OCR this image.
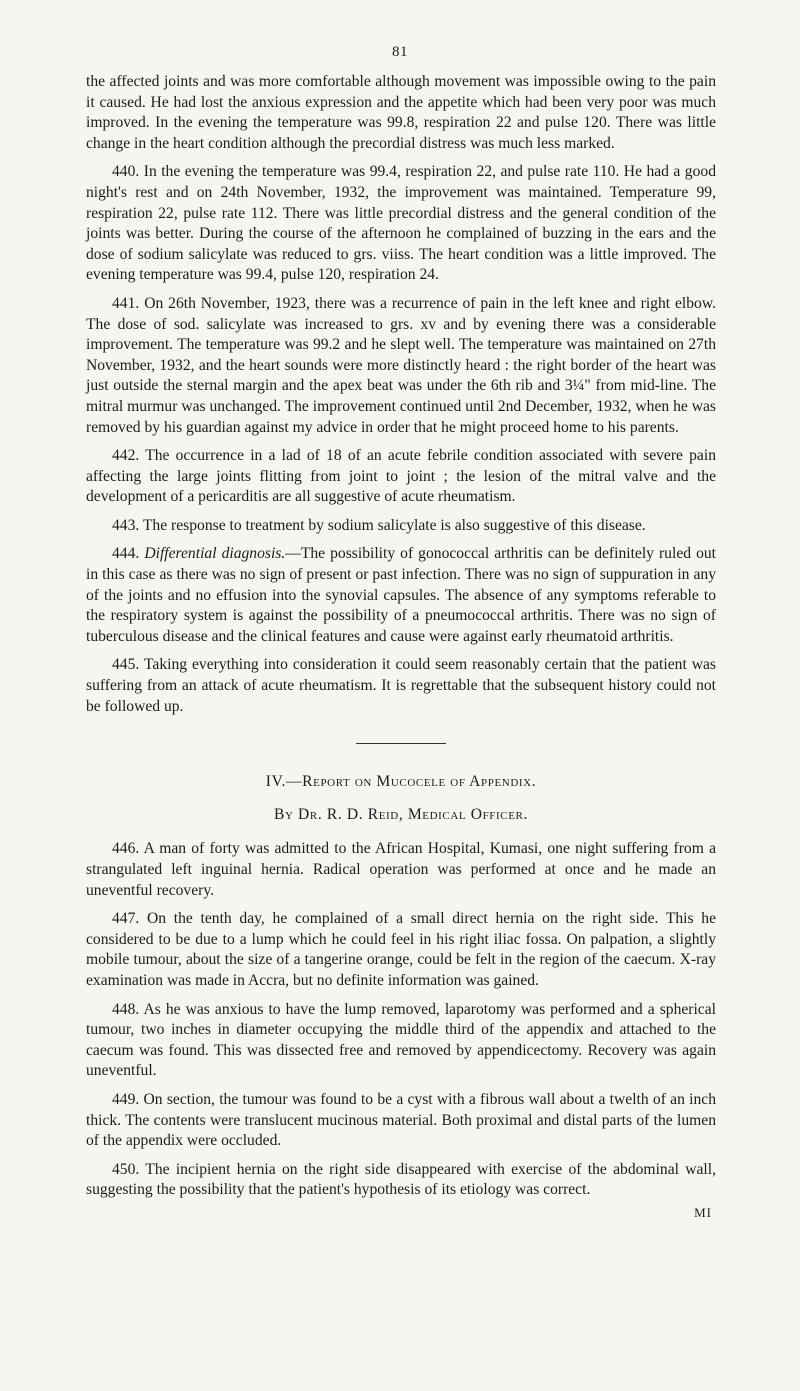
81

the affected joints and was more comfortable although movement was impossible owing to the pain it caused. He had lost the anxious expression and the appetite which had been very poor was much improved. In the evening the temperature was 99.8, respiration 22 and pulse 120. There was little change in the heart condition although the precordial distress was much less marked.

440. In the evening the temperature was 99.4, respiration 22, and pulse rate 110. He had a good night's rest and on 24th November, 1932, the improvement was maintained. Temperature 99, respiration 22, pulse rate 112. There was little precordial distress and the general condition of the joints was better. During the course of the afternoon he complained of buzzing in the ears and the dose of sodium salicylate was reduced to grs. viiss. The heart condition was a little improved. The evening temperature was 99.4, pulse 120, respiration 24.

441. On 26th November, 1923, there was a recurrence of pain in the left knee and right elbow. The dose of sod. salicylate was increased to grs. xv and by evening there was a considerable improvement. The temperature was 99.2 and he slept well. The temperature was maintained on 27th November, 1932, and the heart sounds were more distinctly heard : the right border of the heart was just outside the sternal margin and the apex beat was under the 6th rib and 3¼" from mid-line. The mitral murmur was unchanged. The improvement continued until 2nd December, 1932, when he was removed by his guardian against my advice in order that he might proceed home to his parents.

442. The occurrence in a lad of 18 of an acute febrile condition associated with severe pain affecting the large joints flitting from joint to joint ; the lesion of the mitral valve and the development of a pericarditis are all suggestive of acute rheumatism.

443. The response to treatment by sodium salicylate is also suggestive of this disease.

444. Differential diagnosis.—The possibility of gonococcal arthritis can be definitely ruled out in this case as there was no sign of present or past infection. There was no sign of suppuration in any of the joints and no effusion into the synovial capsules. The absence of any symptoms referable to the respiratory system is against the possibility of a pneumococcal arthritis. There was no sign of tuberculous disease and the clinical features and cause were against early rheumatoid arthritis.

445. Taking everything into consideration it could seem reasonably certain that the patient was suffering from an attack of acute rheumatism. It is regrettable that the subsequent history could not be followed up.

IV.—Report on Mucocele of Appendix.
By Dr. R. D. Reid, Medical Officer.

446. A man of forty was admitted to the African Hospital, Kumasi, one night suffering from a strangulated left inguinal hernia. Radical operation was performed at once and he made an uneventful recovery.

447. On the tenth day, he complained of a small direct hernia on the right side. This he considered to be due to a lump which he could feel in his right iliac fossa. On palpation, a slightly mobile tumour, about the size of a tangerine orange, could be felt in the region of the caecum. X-ray examination was made in Accra, but no definite information was gained.

448. As he was anxious to have the lump removed, laparotomy was performed and a spherical tumour, two inches in diameter occupying the middle third of the appendix and attached to the caecum was found. This was dissected free and removed by appendicectomy. Recovery was again uneventful.

449. On section, the tumour was found to be a cyst with a fibrous wall about a twelth of an inch thick. The contents were translucent mucinous material. Both proximal and distal parts of the lumen of the appendix were occluded.

450. The incipient hernia on the right side disappeared with exercise of the abdominal wall, suggesting the possibility that the patient's hypothesis of its etiology was correct.

MI
